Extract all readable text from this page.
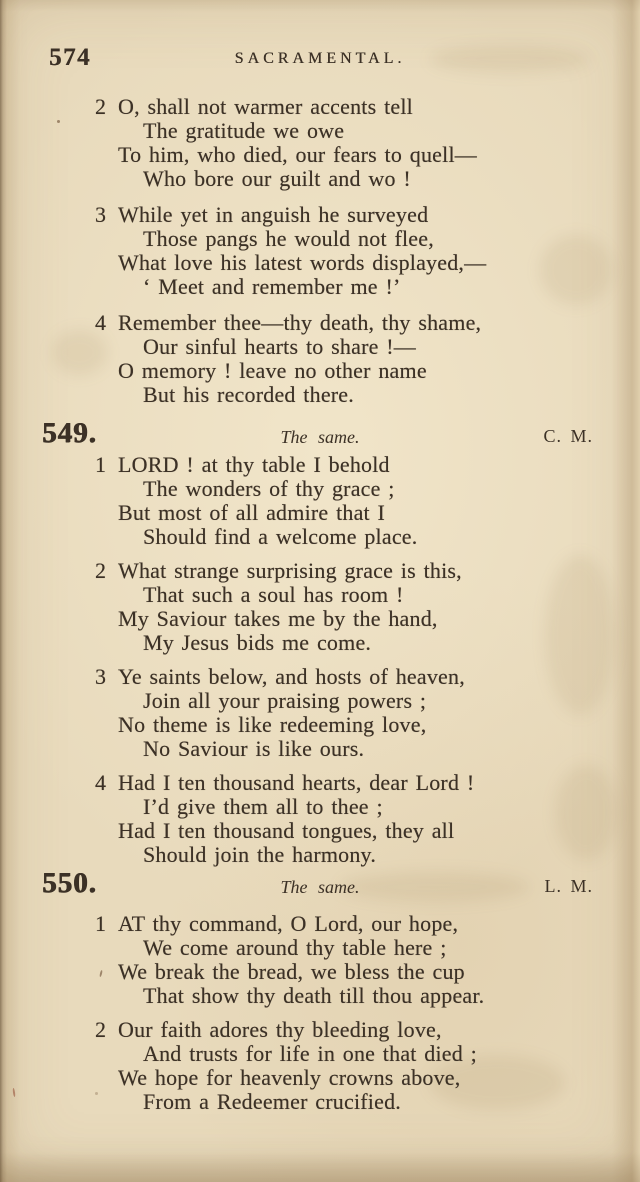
574	SACRAMENTAL.
2 O, shall not warmer accents tell
The gratitude we owe
To him, who died, our fears to quell—
Who bore our guilt and wo !
3 While yet in anguish he surveyed
Those pangs he would not flee,
What love his latest words displayed,—
‘ Meet and remember me !’
4 Remember thee—thy death, thy shame,
Our sinful hearts to share !—
O memory ! leave no other name
But his recorded there.
549.	The same.	C. M.
1 LORD ! at thy table I behold
The wonders of thy grace ;
But most of all admire that I
Should find a welcome place.
2 What strange surprising grace is this,
That such a soul has room !
My Saviour takes me by the hand,
My Jesus bids me come.
3 Ye saints below, and hosts of heaven,
Join all your praising powers ;
No theme is like redeeming love,
No Saviour is like ours.
4 Had I ten thousand hearts, dear Lord !
I’d give them all to thee ;
Had I ten thousand tongues, they all
Should join the harmony.
550.	The same.	L. M.
1 AT thy command, O Lord, our hope,
We come around thy table here ;
We break the bread, we bless the cup
That show thy death till thou appear.
2 Our faith adores thy bleeding love,
And trusts for life in one that died ;
We hope for heavenly crowns above,
From a Redeemer crucified.
